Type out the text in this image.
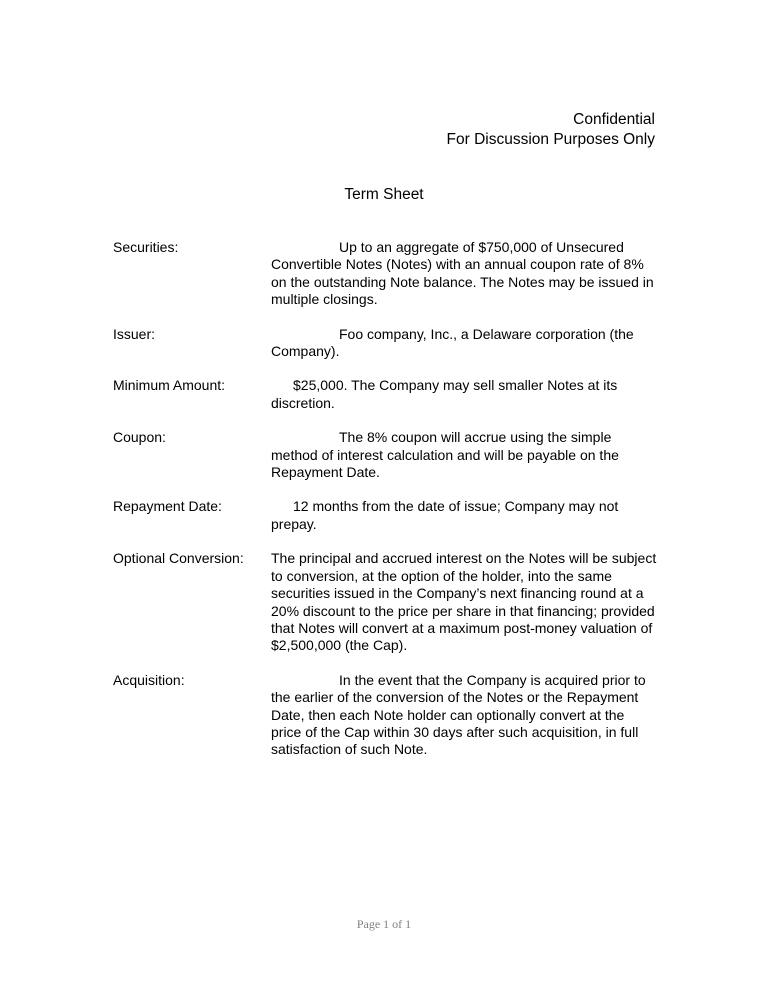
Confidential
For Discussion Purposes Only
Term Sheet
Securities:	Up to an aggregate of $750,000 of Unsecured Convertible Notes (Notes) with an annual coupon rate of 8% on the outstanding Note balance. The Notes may be issued in multiple closings.
Issuer:	Foo company, Inc., a Delaware corporation (the Company).
Minimum Amount:	$25,000. The Company may sell smaller Notes at its discretion.
Coupon:	The 8% coupon will accrue using the simple method of interest calculation and will be payable on the Repayment Date.
Repayment Date:	12 months from the date of issue; Company may not prepay.
Optional Conversion: The principal and accrued interest on the Notes will be subject to conversion, at the option of the holder, into the same securities issued in the Company’s next financing round at a 20% discount to the price per share in that financing; provided that Notes will convert at a maximum post-money valuation of $2,500,000 (the Cap).
Acquisition:	In the event that the Company is acquired prior to the earlier of the conversion of the Notes or the Repayment Date, then each Note holder can optionally convert at the price of the Cap within 30 days after such acquisition, in full satisfaction of such Note.
Page 1 of 1
